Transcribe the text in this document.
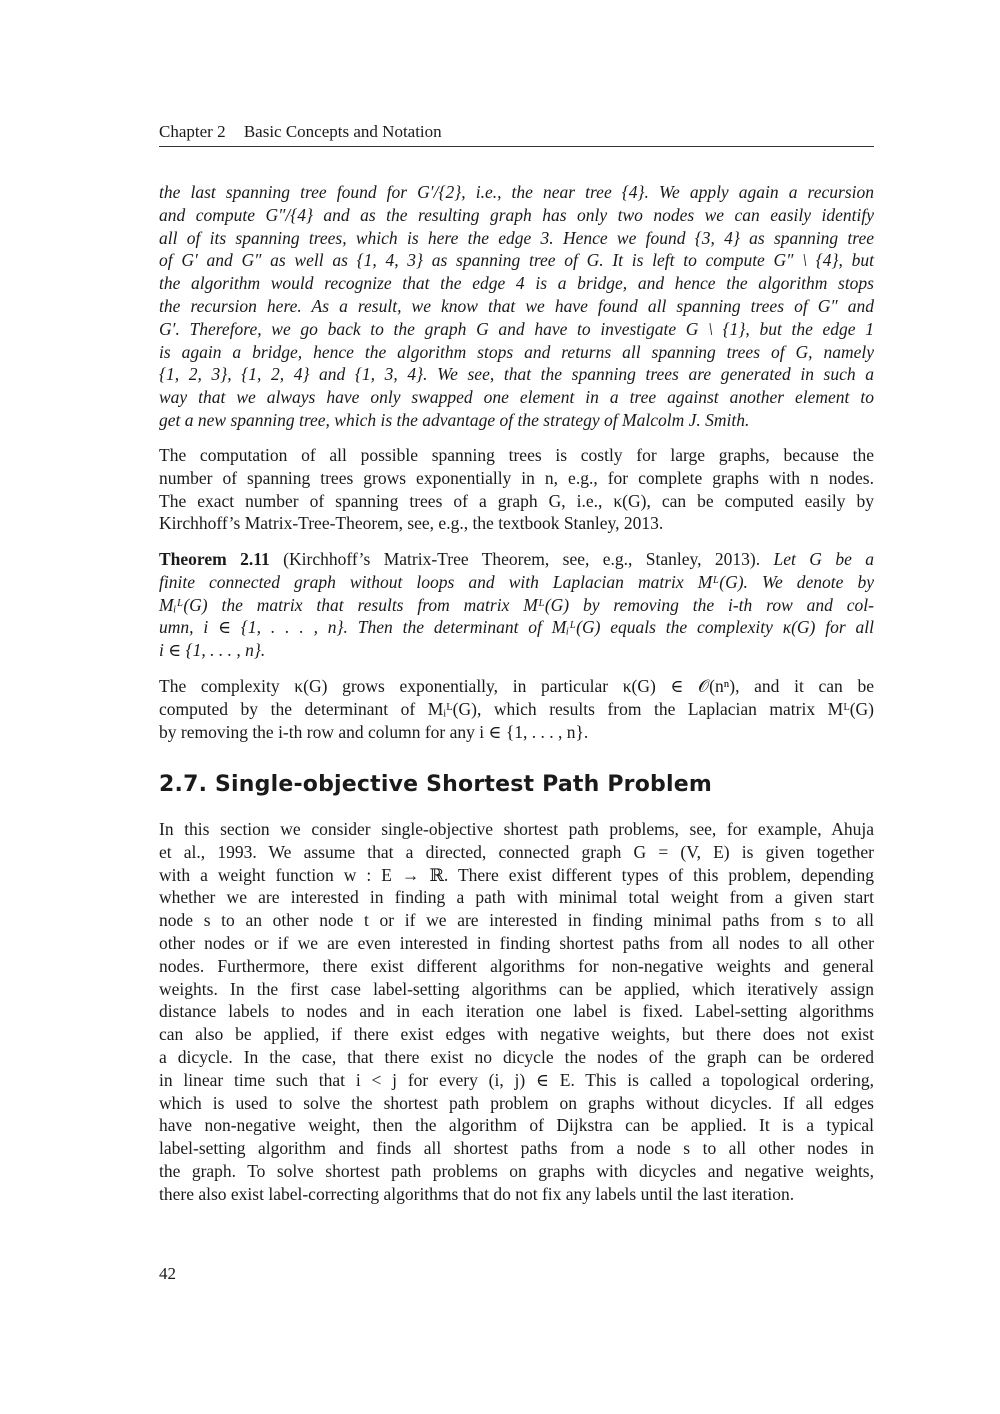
Chapter 2 Basic Concepts and Notation
the last spanning tree found for G′/{2}, i.e., the near tree {4}. We apply again a recursion
and compute G″/{4} and as the resulting graph has only two nodes we can easily identify
all of its spanning trees, which is here the edge 3. Hence we found {3, 4} as spanning tree
of G′ and G″ as well as {1, 4, 3} as spanning tree of G. It is left to compute G″ \ {4}, but
the algorithm would recognize that the edge 4 is a bridge, and hence the algorithm stops
the recursion here. As a result, we know that we have found all spanning trees of G″ and
G′. Therefore, we go back to the graph G and have to investigate G \ {1}, but the edge 1
is again a bridge, hence the algorithm stops and returns all spanning trees of G, namely
{1, 2, 3}, {1, 2, 4} and {1, 3, 4}. We see, that the spanning trees are generated in such a
way that we always have only swapped one element in a tree against another element to
get a new spanning tree, which is the advantage of the strategy of Malcolm J. Smith.
The computation of all possible spanning trees is costly for large graphs, because the
number of spanning trees grows exponentially in n, e.g., for complete graphs with n nodes.
The exact number of spanning trees of a graph G, i.e., κ(G), can be computed easily by
Kirchhoff’s Matrix-Tree-Theorem, see, e.g., the textbook Stanley, 2013.
Theorem 2.11 (Kirchhoff’s Matrix-Tree Theorem, see, e.g., Stanley, 2013). Let G be a
finite connected graph without loops and with Laplacian matrix Mᴸ(G). We denote by
Mᵢᴸ(G) the matrix that results from matrix Mᴸ(G) by removing the i-th row and col-
umn, i ∈ {1, . . . , n}. Then the determinant of Mᵢᴸ(G) equals the complexity κ(G) for all
i ∈ {1, . . . , n}.
The complexity κ(G) grows exponentially, in particular κ(G) ∈ 𝒪(nⁿ), and it can be
computed by the determinant of Mᵢᴸ(G), which results from the Laplacian matrix Mᴸ(G)
by removing the i-th row and column for any i ∈ {1, . . . , n}.
2.7. Single-objective Shortest Path Problem
In this section we consider single-objective shortest path problems, see, for example, Ahuja
et al., 1993. We assume that a directed, connected graph G = (V, E) is given together
with a weight function w : E → ℝ. There exist different types of this problem, depending
whether we are interested in finding a path with minimal total weight from a given start
node s to an other node t or if we are interested in finding minimal paths from s to all
other nodes or if we are even interested in finding shortest paths from all nodes to all other
nodes. Furthermore, there exist different algorithms for non-negative weights and general
weights. In the first case label-setting algorithms can be applied, which iteratively assign
distance labels to nodes and in each iteration one label is fixed. Label-setting algorithms
can also be applied, if there exist edges with negative weights, but there does not exist
a dicycle. In the case, that there exist no dicycle the nodes of the graph can be ordered
in linear time such that i < j for every (i, j) ∈ E. This is called a topological ordering,
which is used to solve the shortest path problem on graphs without dicycles. If all edges
have non-negative weight, then the algorithm of Dijkstra can be applied. It is a typical
label-setting algorithm and finds all shortest paths from a node s to all other nodes in
the graph. To solve shortest path problems on graphs with dicycles and negative weights,
there also exist label-correcting algorithms that do not fix any labels until the last iteration.
42
